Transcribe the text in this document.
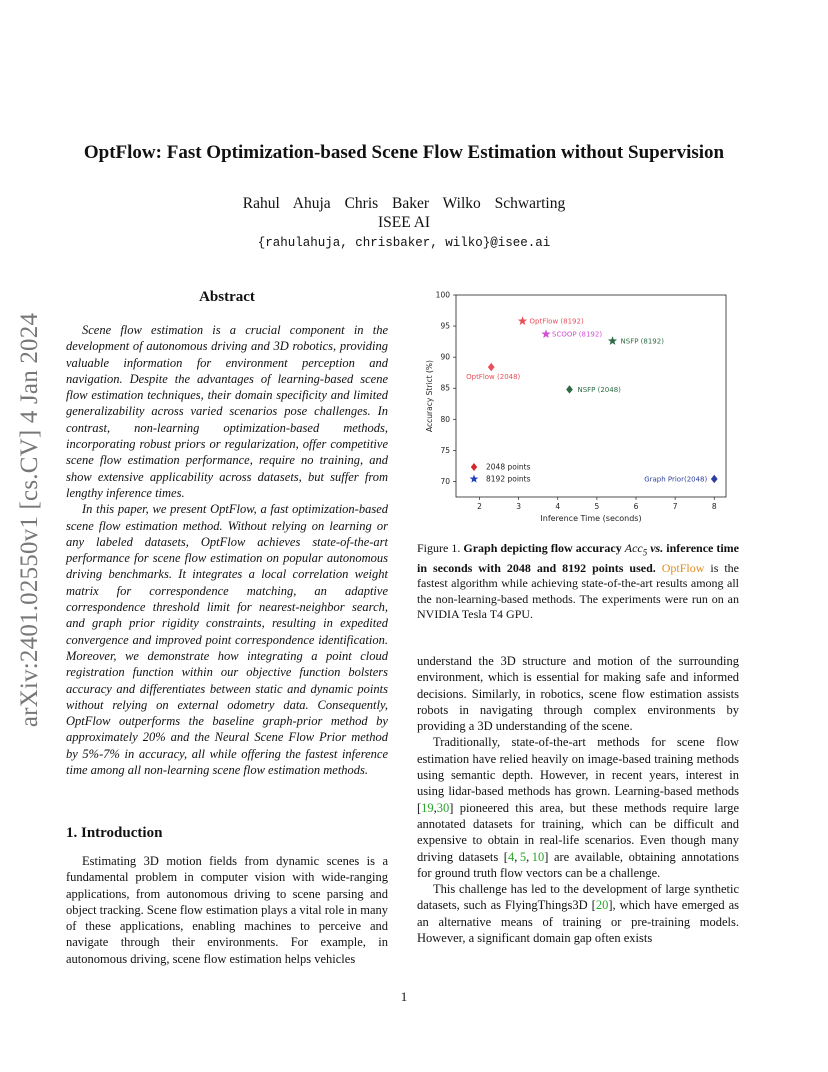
arXiv:2401.02550v1 [cs.CV] 4 Jan 2024
OptFlow: Fast Optimization-based Scene Flow Estimation without Supervision
Rahul Ahuja Chris Baker Wilko Schwarting
ISEE AI
{rahulahuja, chrisbaker, wilko}@isee.ai
Abstract

Scene flow estimation is a crucial component in the development of autonomous driving and 3D robotics, providing valuable information for environment perception and navigation. Despite the advantages of learning-based scene flow estimation techniques, their domain specificity and limited generalizability across varied scenarios pose challenges. In contrast, non-learning optimization-based methods, incorporating robust priors or regularization, offer competitive scene flow estimation performance, require no training, and show extensive applicability across datasets, but suffer from lengthy inference times.

In this paper, we present OptFlow, a fast optimization-based scene flow estimation method. Without relying on learning or any labeled datasets, OptFlow achieves state-of-the-art performance for scene flow estimation on popular autonomous driving benchmarks. It integrates a local correlation weight matrix for correspondence matching, an adaptive correspondence threshold limit for nearest-neighbor search, and graph prior rigidity constraints, resulting in expedited convergence and improved point correspondence identification. Moreover, we demonstrate how integrating a point cloud registration function within our objective function bolsters accuracy and differentiates between static and dynamic points without relying on external odometry data. Consequently, OptFlow outperforms the baseline graph-prior method by approximately 20% and the Neural Scene Flow Prior method by 5%-7% in accuracy, all while offering the fastest inference time among all non-learning scene flow estimation methods.

1. Introduction

Estimating 3D motion fields from dynamic scenes is a fundamental problem in computer vision with wide-ranging applications, from autonomous driving to scene parsing and object tracking. Scene flow estimation plays a vital role in many of these applications, enabling machines to perceive and navigate through their environments. For example, in autonomous driving, scene flow estimation helps vehicles

2	3	4	5	6	7	8
70
75
80
85
90
95
100
Inference Time (seconds)
Accuracy Strict (%)
OptFlow (8192)
SCOOP (8192)
NSFP (8192)
OptFlow (2048)
NSFP (2048)
Graph Prior(2048)
2048 points
8192 points
Figure 1. Graph depicting flow accuracy Acc$_5$ vs. inference time in seconds with 2048 and 8192 points used. OptFlow is the fastest algorithm while achieving state-of-the-art results among all the non-learning-based methods. The experiments were run on an NVIDIA Tesla T4 GPU.

understand the 3D structure and motion of the surrounding environment, which is essential for making safe and informed decisions. Similarly, in robotics, scene flow estimation assists robots in navigating through complex environments by providing a 3D understanding of the scene.

Traditionally, state-of-the-art methods for scene flow estimation have relied heavily on image-based training methods using semantic depth. However, in recent years, interest in using lidar-based methods has grown. Learning-based methods [19,30] pioneered this area, but these methods require large annotated datasets for training, which can be difficult and expensive to obtain in real-life scenarios. Even though many driving datasets [4, 5, 10] are available, obtaining annotations for ground truth flow vectors can be a challenge.

This challenge has led to the development of large synthetic datasets, such as FlyingThings3D [20], which have emerged as an alternative means of training or pre-training models. However, a significant domain gap often exists

1
